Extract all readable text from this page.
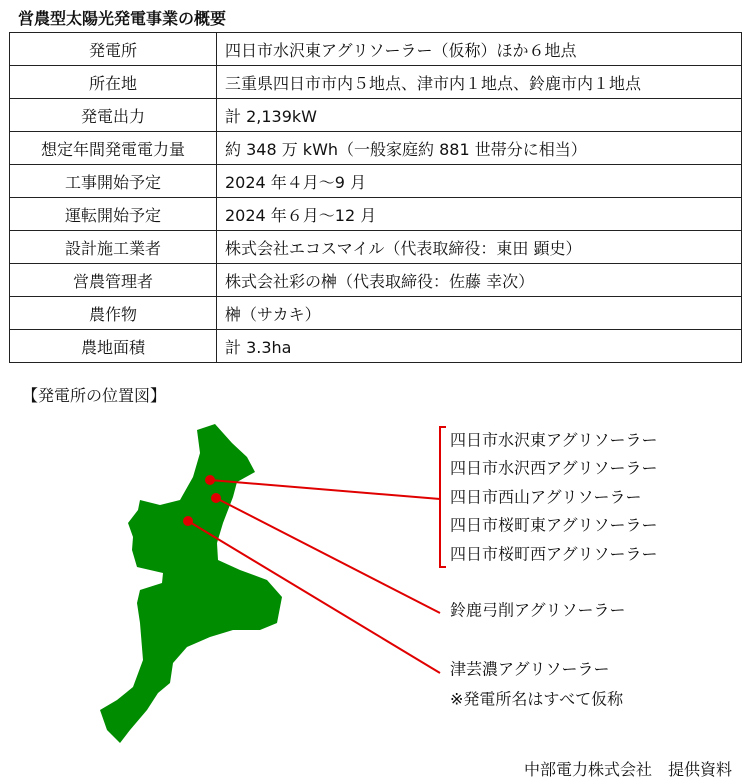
営農型太陽光発電事業の概要
発電所	四日市水沢東アグリソーラー（仮称）ほか６地点
所在地	三重県四日市市内５地点、津市内１地点、鈴鹿市内１地点
発電出力	計 2,139kW
想定年間発電電力量	約 348 万 kWh（一般家庭約 881 世帯分に相当）
工事開始予定	2024 年４月～9 月
運転開始予定	2024 年６月～12 月
設計施工業者	株式会社エコスマイル（代表取締役：東田 顕史）
営農管理者	株式会社彩の榊（代表取締役：佐藤 幸次）
農作物	榊（サカキ）
農地面積	計 3.3ha
【発電所の位置図】
四日市水沢東アグリソーラー
四日市水沢西アグリソーラー
四日市西山アグリソーラー
四日市桜町東アグリソーラー
四日市桜町西アグリソーラー
鈴鹿弓削アグリソーラー
津芸濃アグリソーラー
※発電所名はすべて仮称
中部電力株式会社　提供資料
